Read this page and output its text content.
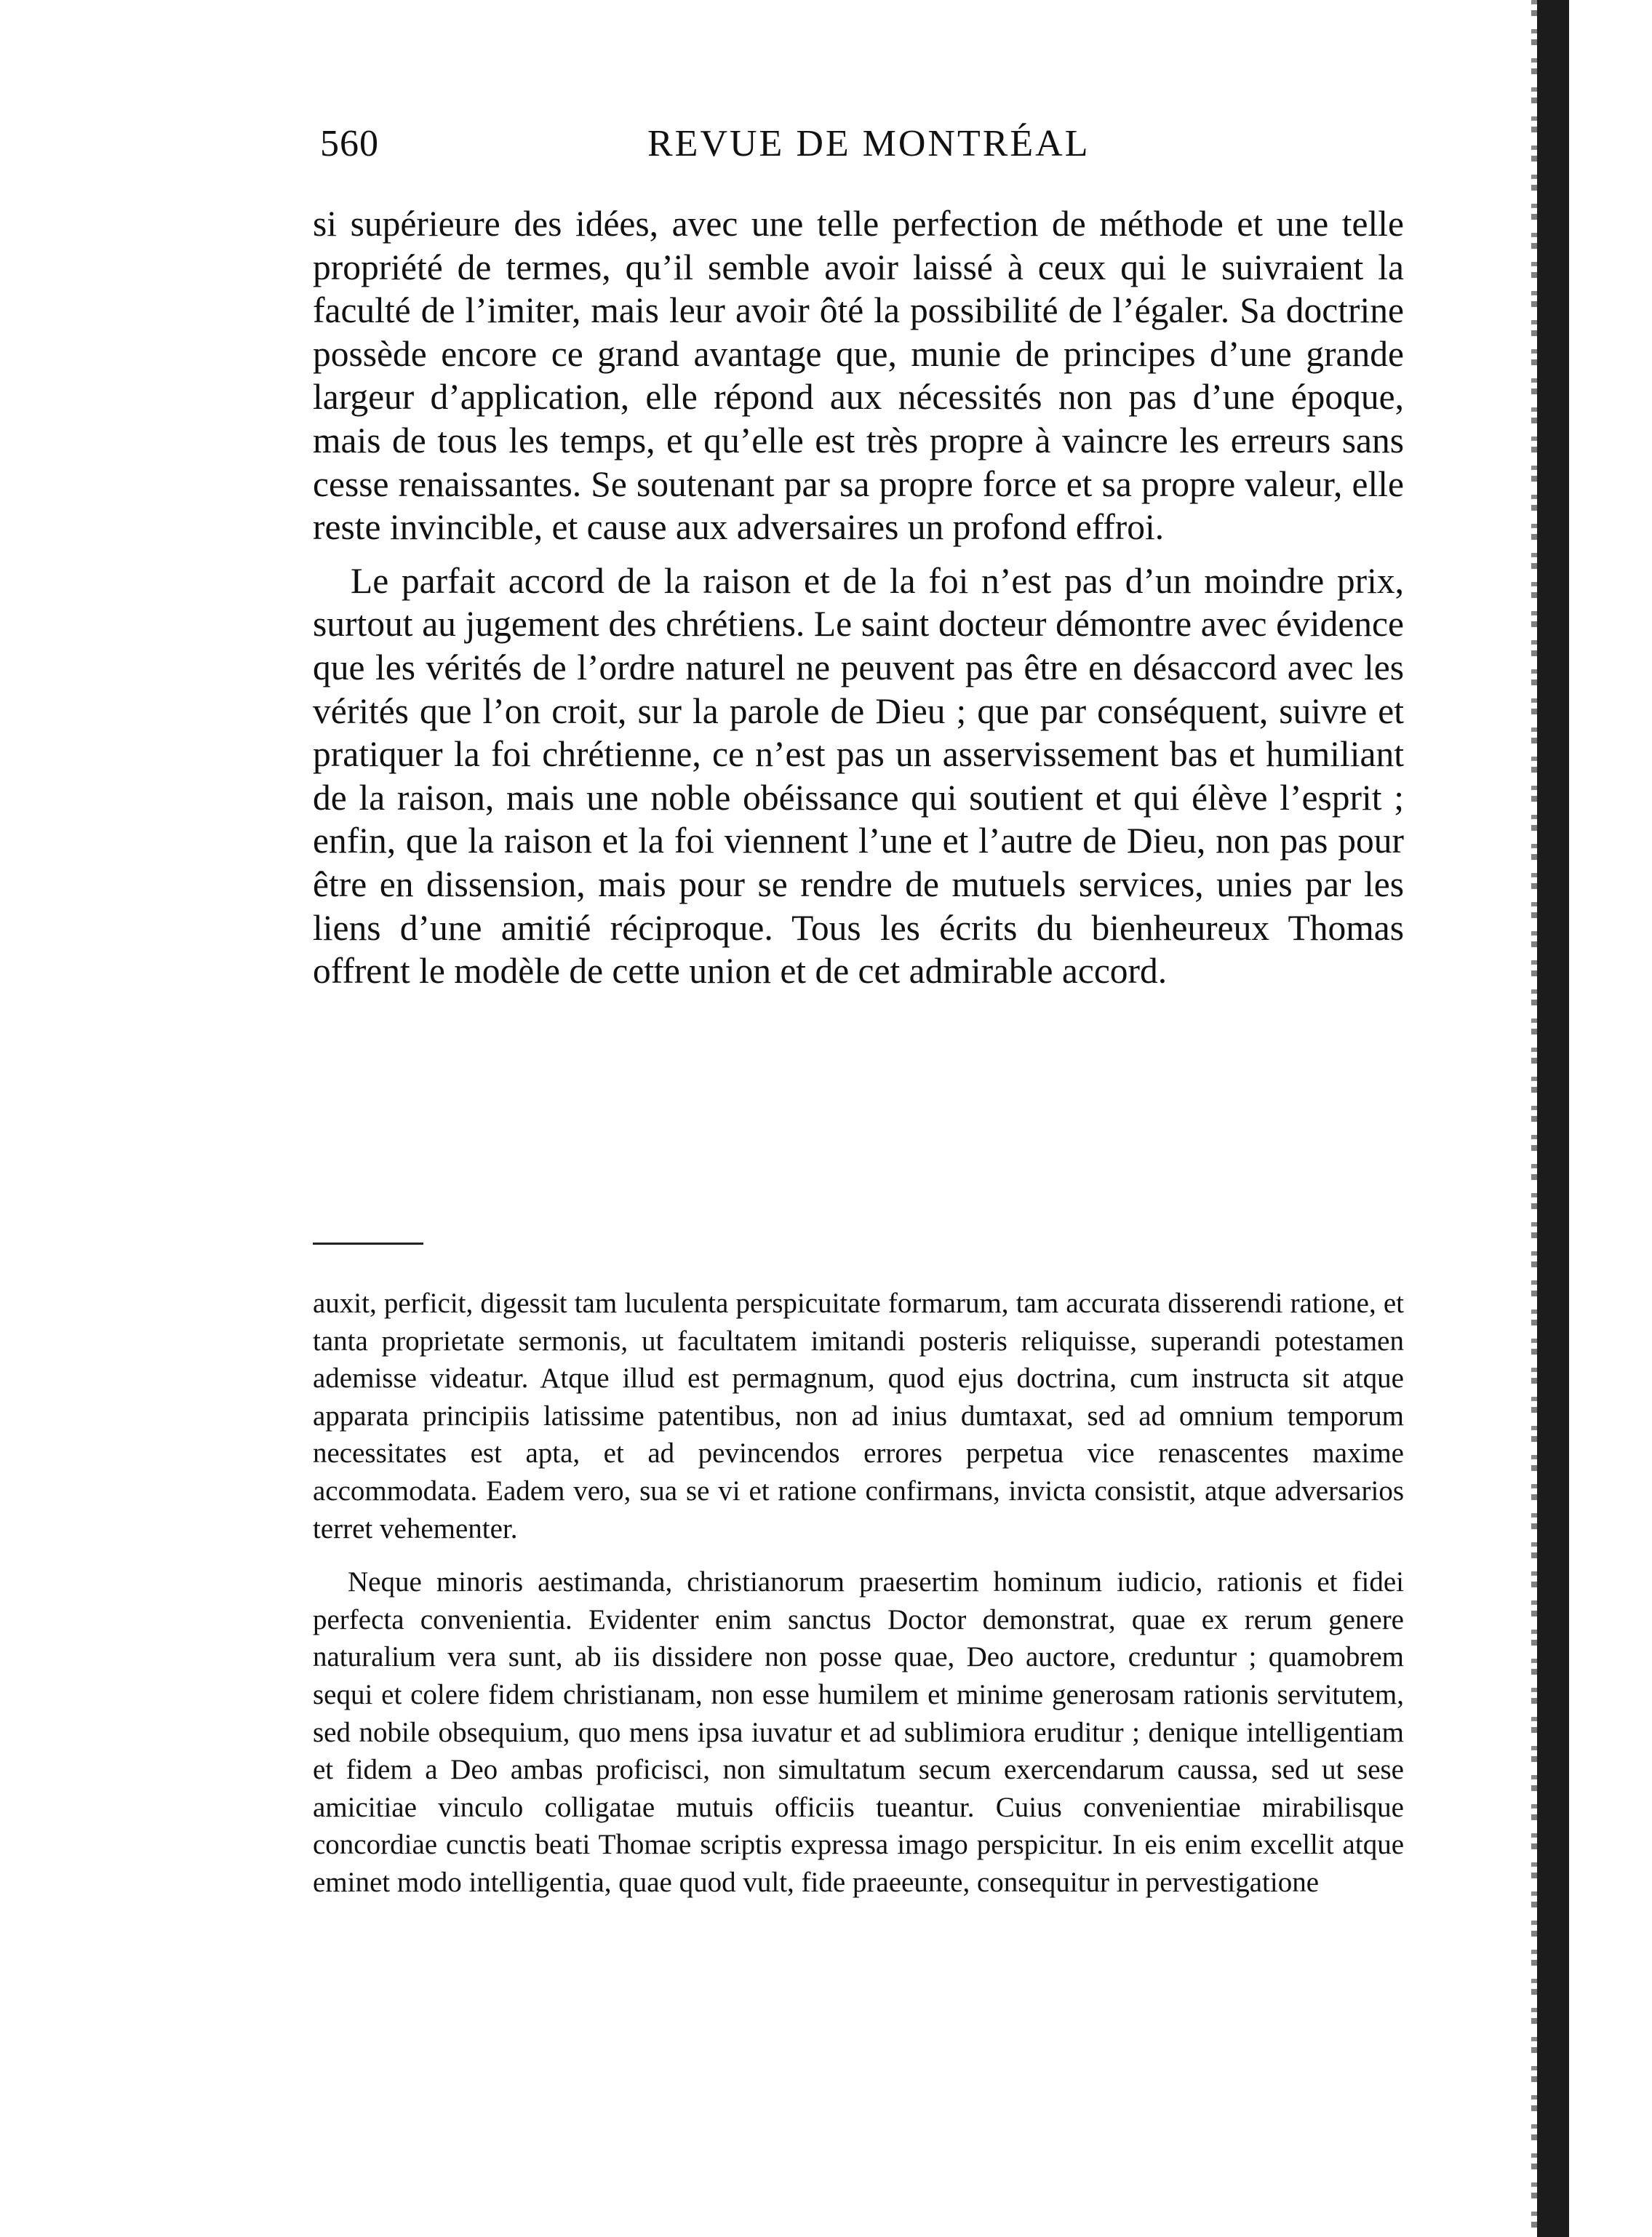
560	REVUE DE MONTRÉAL

si supérieure des idées, avec une telle perfection de méthode et une telle propriété de termes, qu’il semble avoir laissé à ceux qui le suivraient la faculté de l’imiter, mais leur avoir ôté la possibilité de l’égaler. Sa doctrine possède encore ce grand avantage que, munie de principes d’une grande largeur d’application, elle répond aux nécessités non pas d’une époque, mais de tous les temps, et qu’elle est très propre à vaincre les erreurs sans cesse renaissantes. Se soutenant par sa propre force et sa propre valeur, elle reste invincible, et cause aux adversaires un profond effroi.

Le parfait accord de la raison et de la foi n’est pas d’un moindre prix, surtout au jugement des chrétiens. Le saint docteur démontre avec évidence que les vérités de l’ordre naturel ne peuvent pas être en désaccord avec les vérités que l’on croit, sur la parole de Dieu ; que par conséquent, suivre et pratiquer la foi chrétienne, ce n’est pas un asservissement bas et humiliant de la raison, mais une noble obéissance qui soutient et qui élève l’esprit ; enfin, que la raison et la foi viennent l’une et l’autre de Dieu, non pas pour être en dissension, mais pour se rendre de mutuels services, unies par les liens d’une amitié réciproque. Tous les écrits du bienheureux Thomas offrent le modèle de cette union et de cet admirable accord.

auxit, perficit, digessit tam luculenta perspicuitate formarum, tam accurata disserendi ratione, et tanta proprietate sermonis, ut facultatem imitandi posteris reliquisse, superandi potestamen ademisse videatur. Atque illud est permagnum, quod ejus doctrina, cum instructa sit atque apparata principiis latissime patentibus, non ad inius dumtaxat, sed ad omnium temporum necessitates est apta, et ad pevincendos errores perpetua vice renascentes maxime accommodata. Eadem vero, sua se vi et ratione confirmans, invicta consistit, atque adversarios terret vehementer.

Neque minoris aestimanda, christianorum praesertim hominum iudicio, rationis et fidei perfecta convenientia. Evidenter enim sanctus Doctor demonstrat, quae ex rerum genere naturalium vera sunt, ab iis dissidere non posse quae, Deo auctore, creduntur ; quamobrem sequi et colere fidem christianam, non esse humilem et minime generosam rationis servitutem, sed nobile obsequium, quo mens ipsa iuvatur et ad sublimiora eruditur ; denique intelligentiam et fidem a Deo ambas proficisci, non simultatum secum exercendarum caussa, sed ut sese amicitiae vinculo colligatae mutuis officiis tueantur. Cuius convenientiae mirabilisque concordiae cunctis beati Thomae scriptis expressa imago perspicitur. In eis enim excellit atque eminet modo intelligentia, quae quod vult, fide praeeunte, consequitur in pervestigatione
